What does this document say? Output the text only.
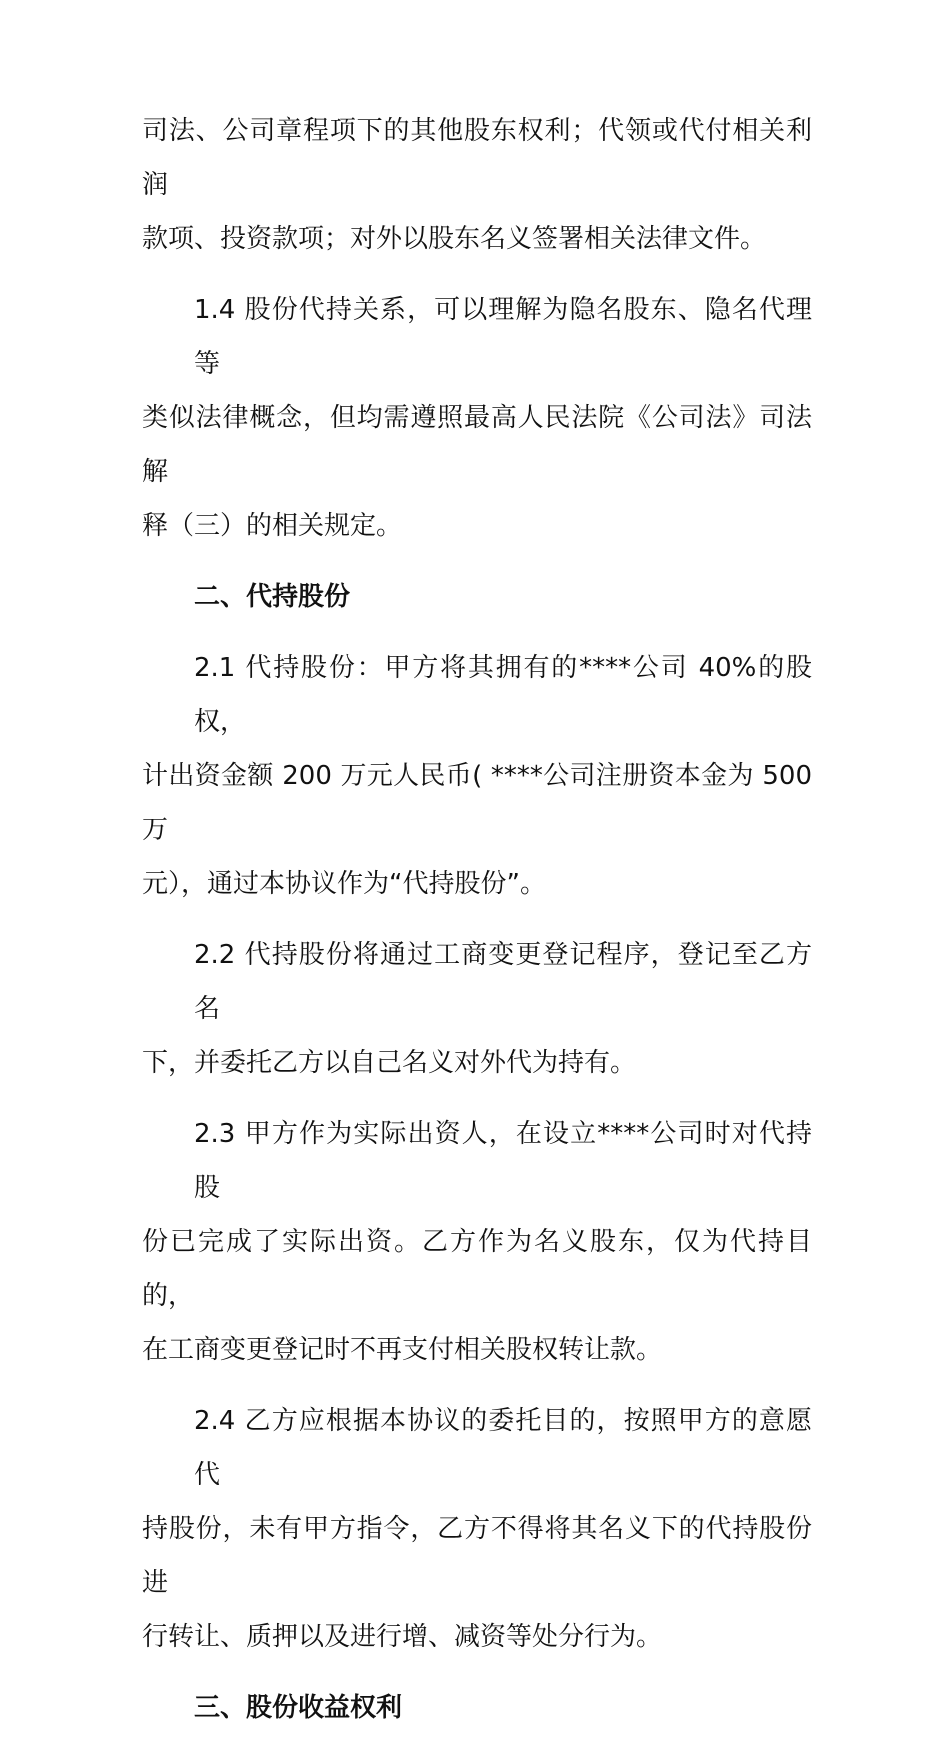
司法、公司章程项下的其他股东权利；代领或代付相关利润
款项、投资款项；对外以股东名义签署相关法律文件。
1.4 股份代持关系，可以理解为隐名股东、隐名代理等
类似法律概念，但均需遵照最高人民法院《公司法》司法解
释（三）的相关规定。
二、代持股份
2.1 代持股份：甲方将其拥有的****公司 40%的股权，
计出资金额 200 万元人民币( ****公司注册资本金为 500 万
元），通过本协议作为“代持股份”。
2.2 代持股份将通过工商变更登记程序，登记至乙方名
下，并委托乙方以自己名义对外代为持有。
2.3 甲方作为实际出资人，在设立****公司时对代持股
份已完成了实际出资。乙方作为名义股东，仅为代持目的，
在工商变更登记时不再支付相关股权转让款。
2.4 乙方应根据本协议的委托目的，按照甲方的意愿代
持股份，未有甲方指令，乙方不得将其名义下的代持股份进
行转让、质押以及进行增、减资等处分行为。
三、股份收益权利
